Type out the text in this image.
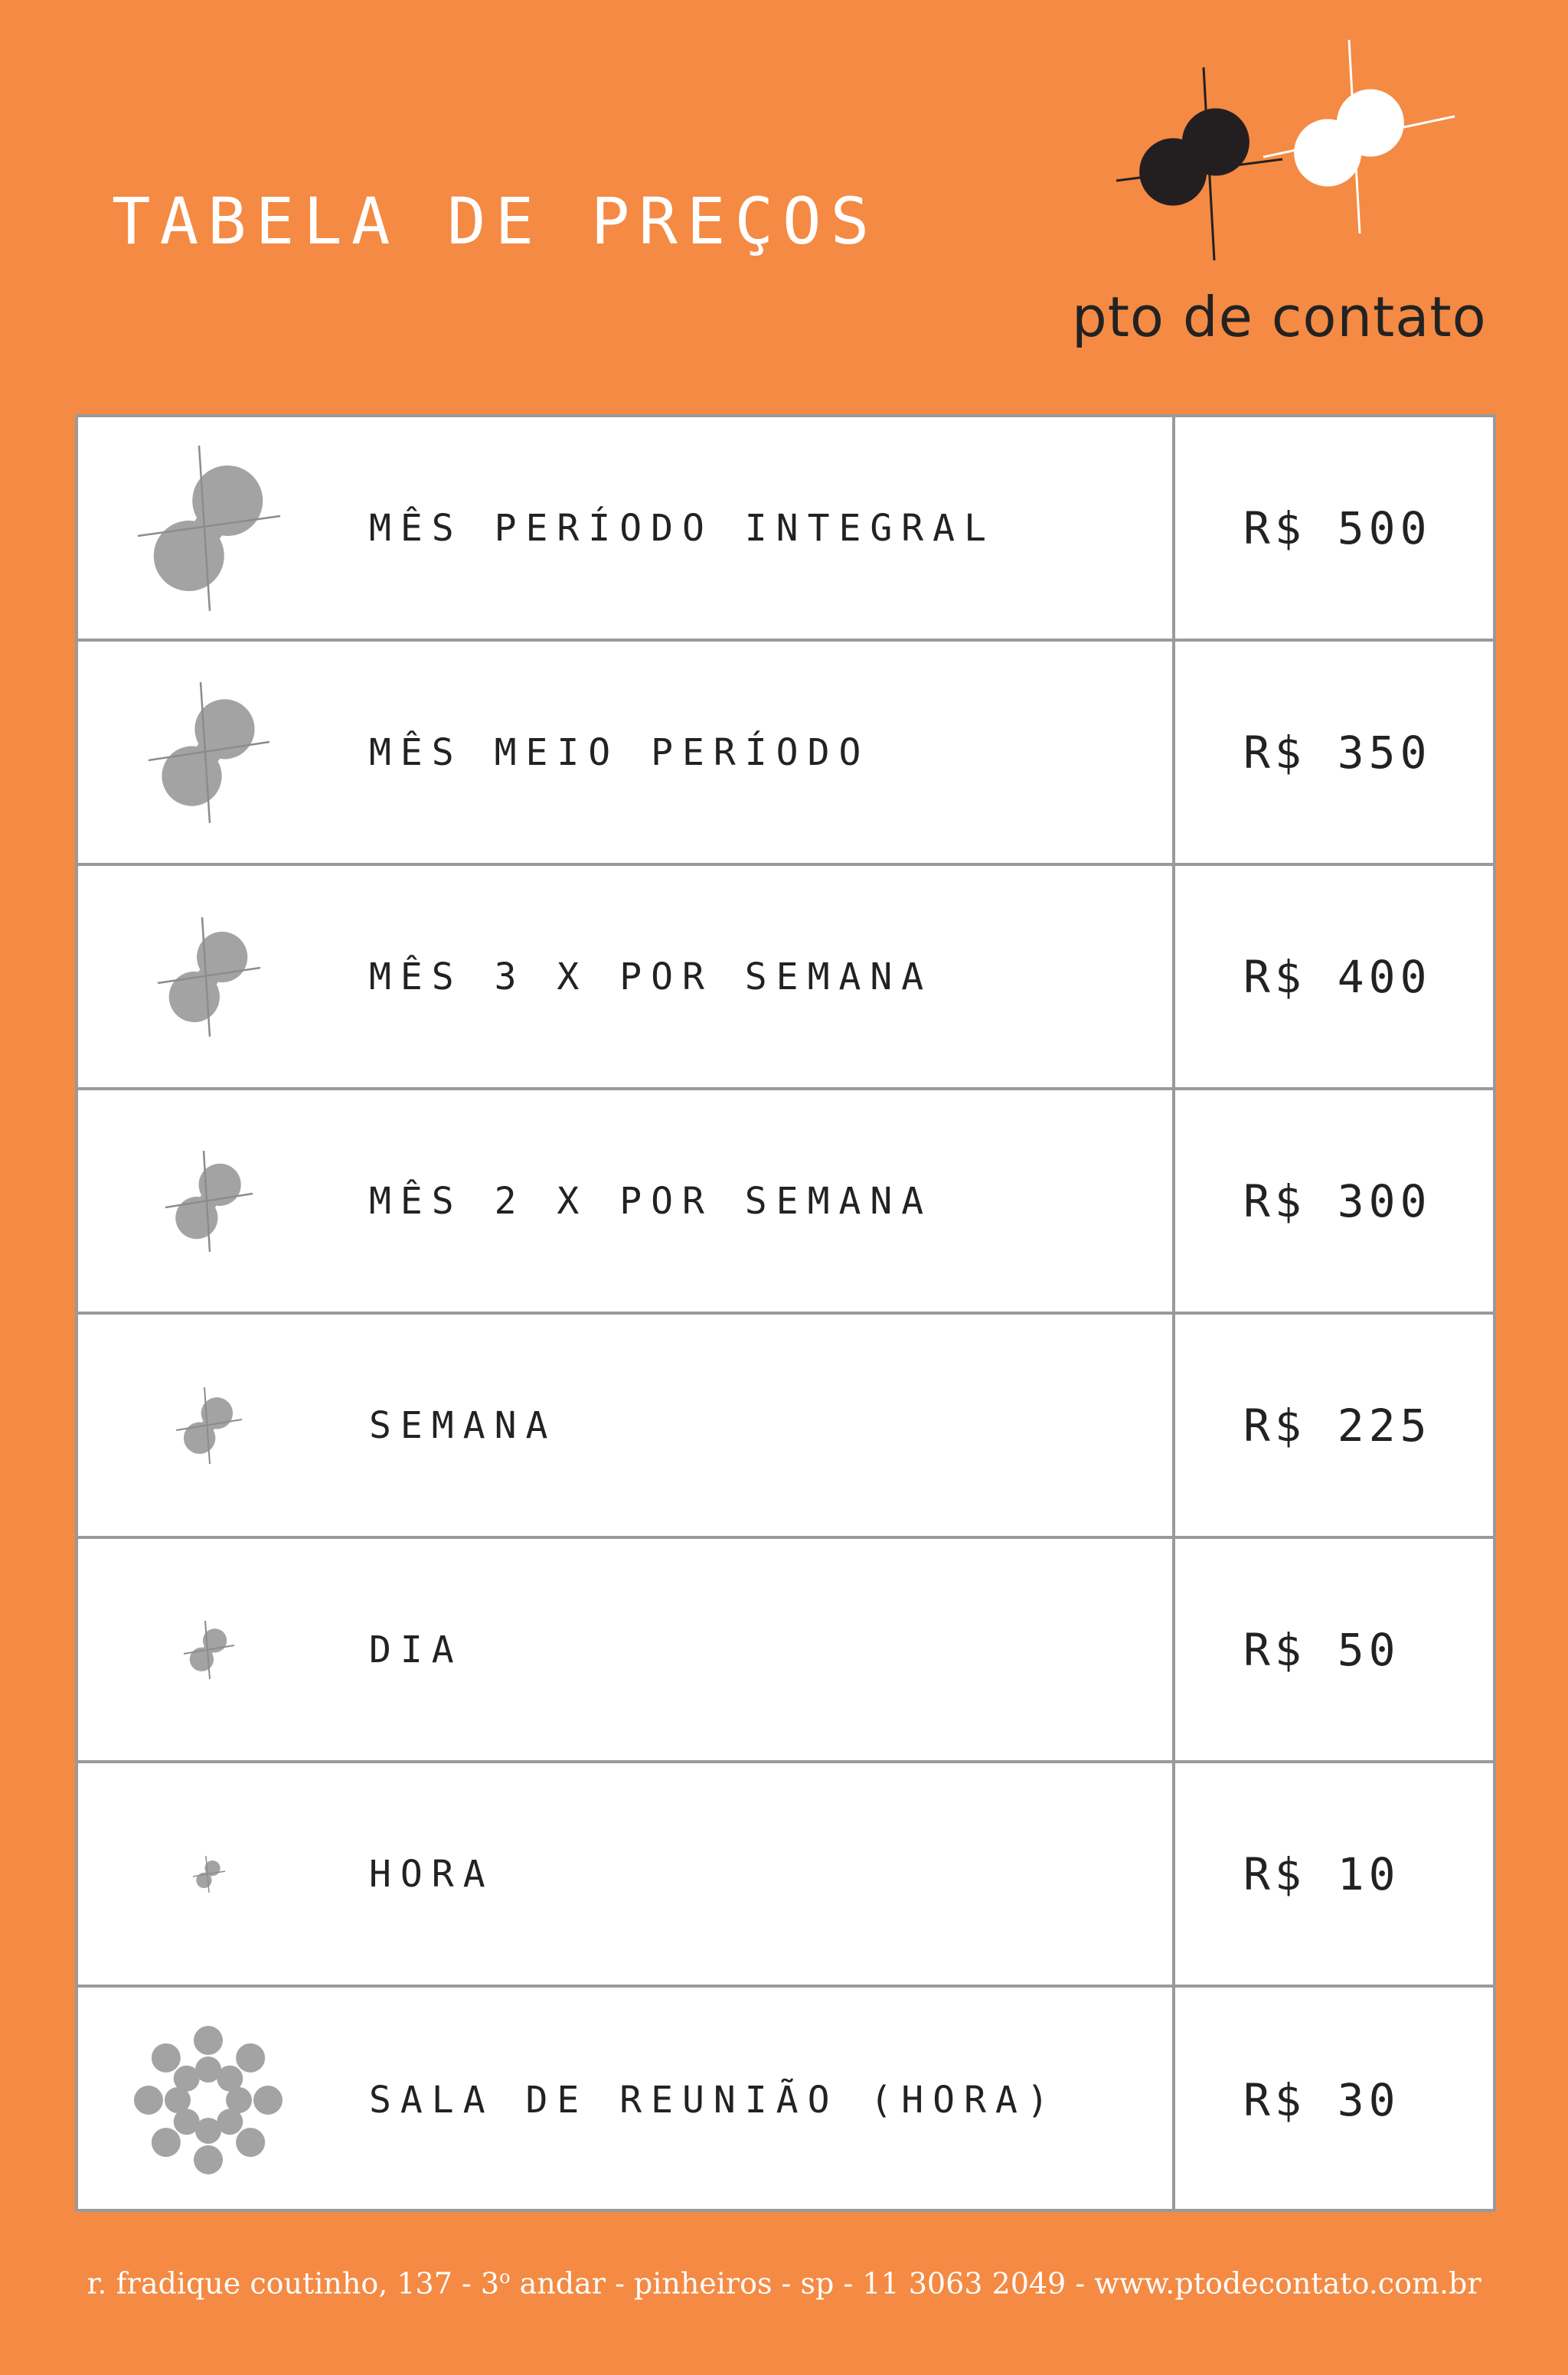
TABELA DE PREÇOS
pto de contato
MÊS PERÍODO INTEGRAL	R$ 500
MÊS MEIO PERÍODO	R$ 350
MÊS 3 X POR SEMANA	R$ 400
MÊS 2 X POR SEMANA	R$ 300
SEMANA	R$ 225
DIA	R$ 50
HORA	R$ 10
SALA DE REUNIÃO (HORA)	R$ 30
r. fradique coutinho, 137 - 3$^o$ andar - pinheiros - sp - 11 3063 2049 - www.ptodecontato.com.br
